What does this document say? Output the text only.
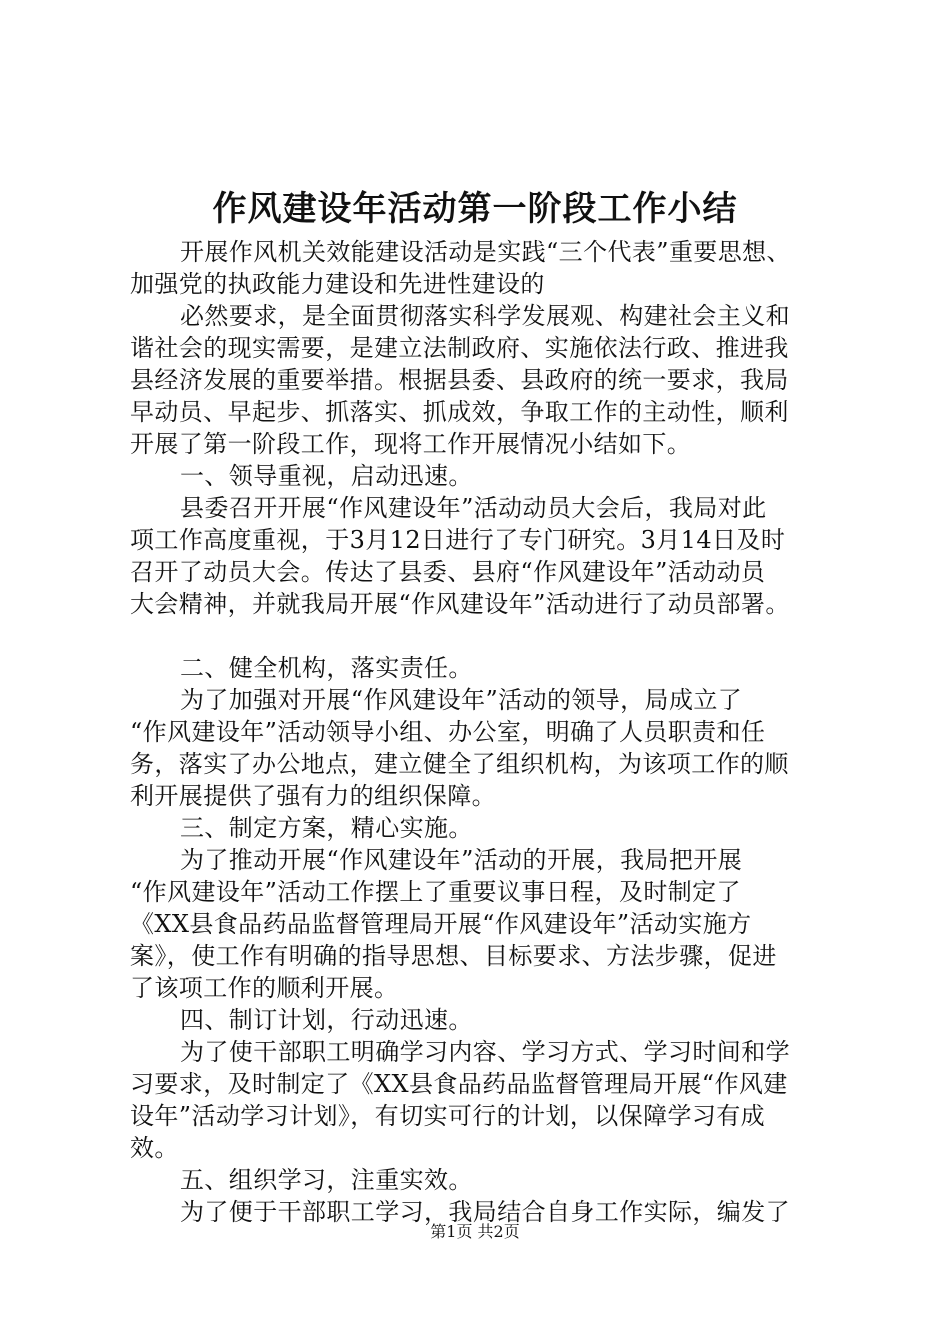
作风建设年活动第一阶段工作小结
开展作风机关效能建设活动是实践“三个代表”重要思想、
加强党的执政能力建设和先进性建设的
必然要求，是全面贯彻落实科学发展观、构建社会主义和
谐社会的现实需要，是建立法制政府、实施依法行政、推进我
县经济发展的重要举措。根据县委、县政府的统一要求，我局
早动员、早起步、抓落实、抓成效，争取工作的主动性，顺利
开展了第一阶段工作，现将工作开展情况小结如下。
一、领导重视，启动迅速。
县委召开开展“作风建设年”活动动员大会后，我局对此
项工作高度重视，于3月12日进行了专门研究。3月14日及时
召开了动员大会。传达了县委、县府“作风建设年”活动动员
大会精神，并就我局开展“作风建设年”活动进行了动员部署。
二、健全机构，落实责任。
为了加强对开展“作风建设年”活动的领导，局成立了
“作风建设年”活动领导小组、办公室，明确了人员职责和任
务，落实了办公地点，建立健全了组织机构，为该项工作的顺
利开展提供了强有力的组织保障。
三、制定方案，精心实施。
为了推动开展“作风建设年”活动的开展，我局把开展
“作风建设年”活动工作摆上了重要议事日程，及时制定了
《XX县食品药品监督管理局开展“作风建设年”活动实施方
案》，使工作有明确的指导思想、目标要求、方法步骤，促进
了该项工作的顺利开展。
四、制订计划，行动迅速。
为了使干部职工明确学习内容、学习方式、学习时间和学
习要求，及时制定了《XX县食品药品监督管理局开展“作风建
设年”活动学习计划》，有切实可行的计划，以保障学习有成
效。
五、组织学习，注重实效。
为了便于干部职工学习，我局结合自身工作实际，编发了
第1页 共2页
